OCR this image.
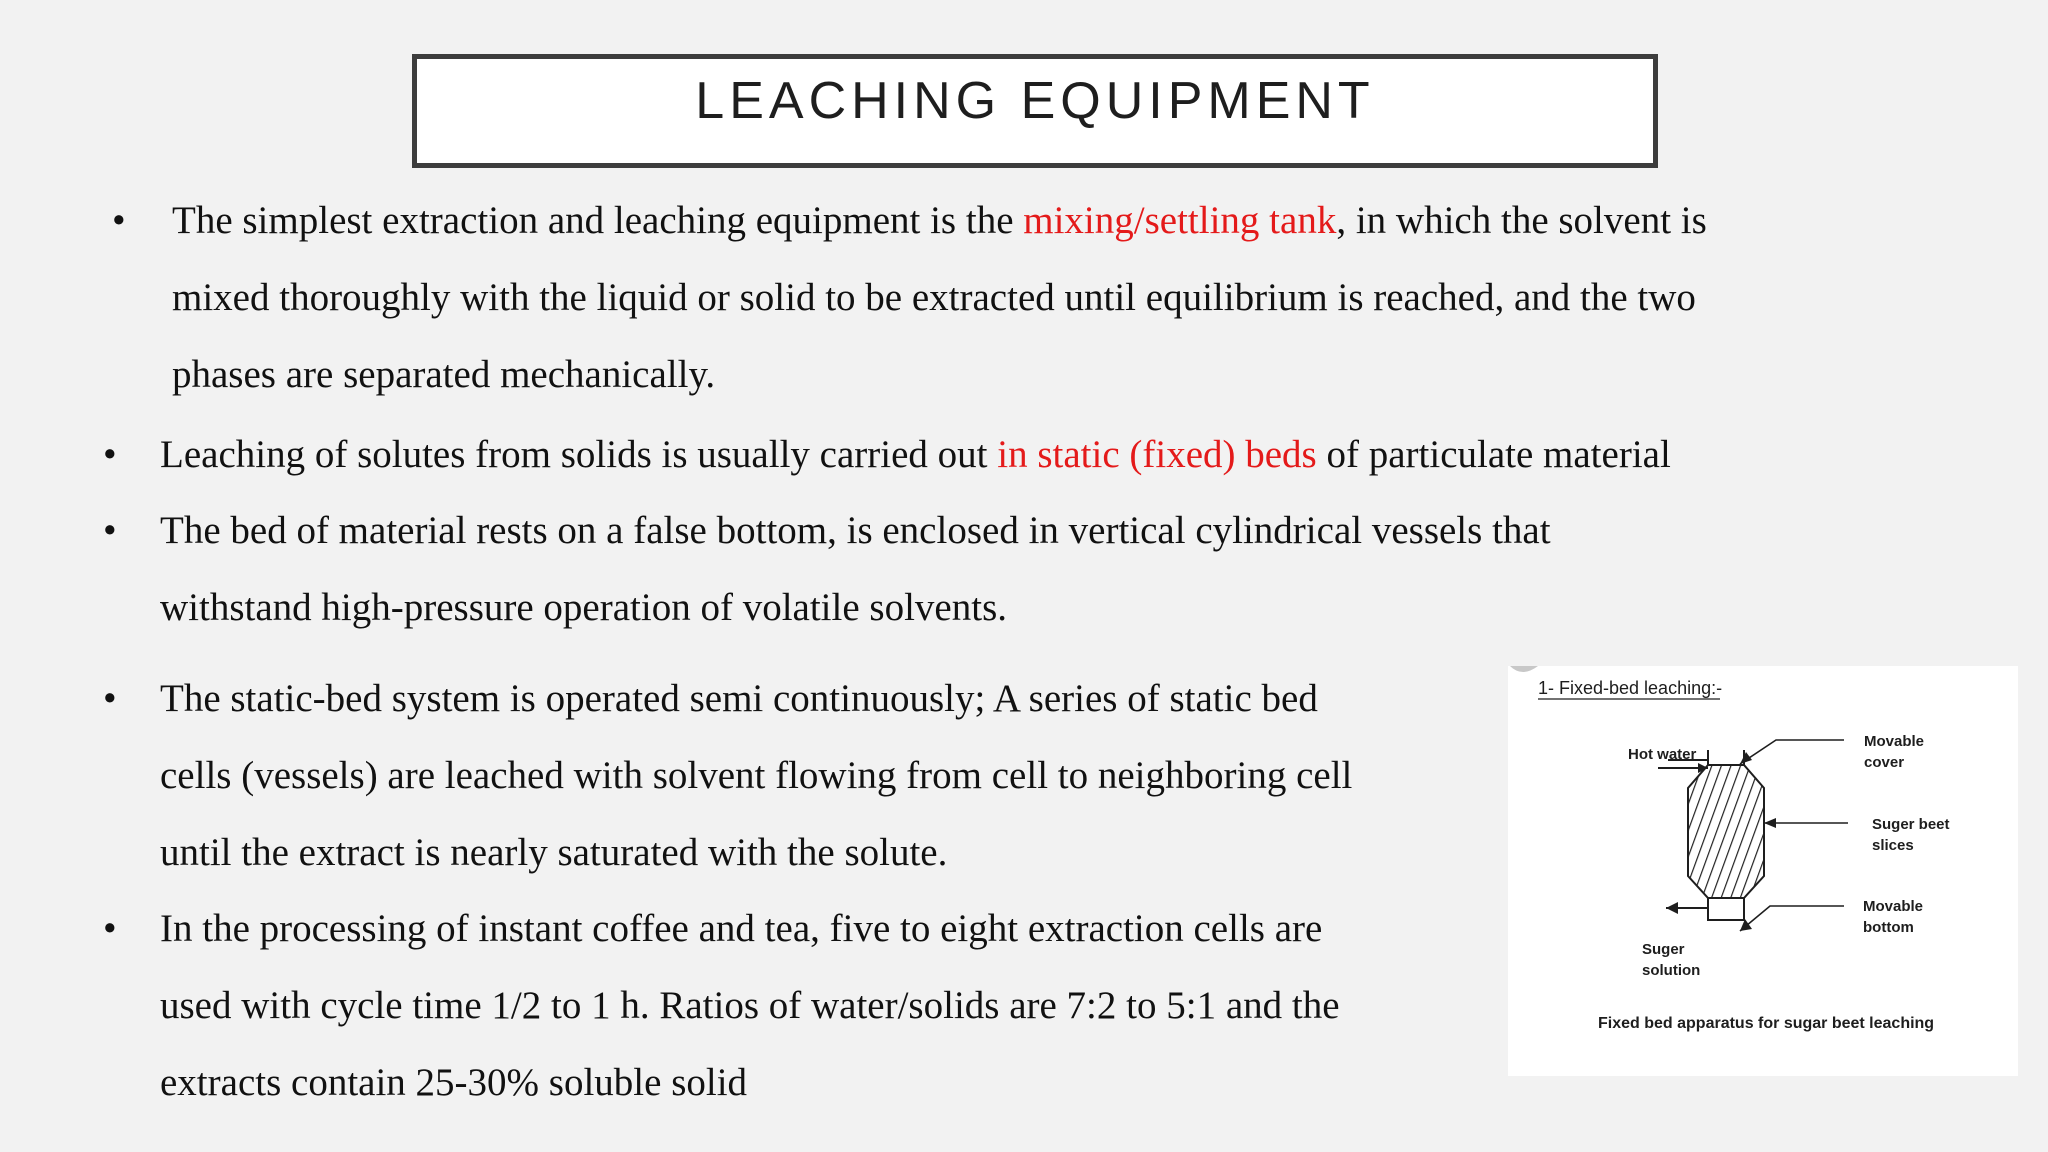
LEACHING EQUIPMENT
• The simplest extraction and leaching equipment is the mixing/settling tank, in which the solvent is
mixed thoroughly with the liquid or solid to be extracted until equilibrium is reached, and the two
phases are separated mechanically.
• Leaching of solutes from solids is usually carried out in static (fixed) beds of particulate material
• The bed of material rests on a false bottom, is enclosed in vertical cylindrical vessels that
withstand high-pressure operation of volatile solvents.
• The static-bed system is operated semi continuously; A series of static bed
cells (vessels) are leached with solvent flowing from cell to neighboring cell
until the extract is nearly saturated with the solute.
• In the processing of instant coffee and tea, five to eight extraction cells are
used with cycle time 1/2 to 1 h. Ratios of water/solids are 7:2 to 5:1 and the
extracts contain 25-30% soluble solid
1- Fixed-bed leaching:-
Hot water
Movable
cover
Suger beet
slices
Movable
bottom
Suger
solution
Fixed bed apparatus for sugar beet leaching
